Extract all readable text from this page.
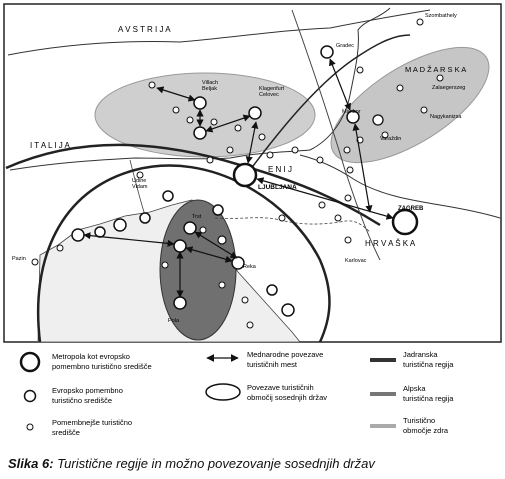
A V S T R I J A
M A D Ž A R S K A
I T A L I J A
E N I J
H R V A Š K A
Szombathely
Gradec
Zalaegerszeg
Nagykanizsa
Maribor
Varaždin
Villach Beljak	Klagenfurt Celovec
Udine Vidam	LJUBLJANA
ZAGREB
Karlovac
Pazin
Reka
Pola
Trst
Metropola kot evropsko pomembno turistično središče
Evropsko pomembno turistično središče
Pomembnejše turistično središče
Mednarodne povezave turističnih mest
Povezave turističnih območij sosednjih držav
Jadranska turistična regija
Alpska turistična regija
Turistično območje zdra
Slika 6: Turistične regije in možno povezovanje sosednjih držav
